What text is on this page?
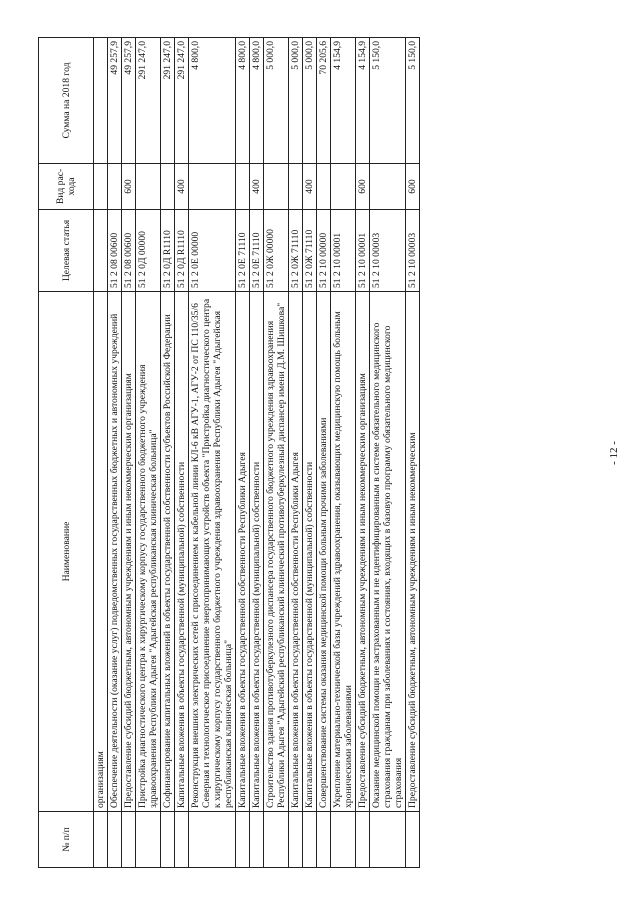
- 12 -
№ п/п	Наименование	Целевая статья	Вид рас-хода	Сумма на 2018 год
	организациям			
	Обеспечение деятельности (оказание услуг) подведомственных государственных бюджетных и автономных учреждений	51 2 08 00600		49 257,9
	Предоставление субсидий бюджетным, автономным учреждениям и иным некоммерческим организациям	51 2 08 00600	600	49 257,9
	Пристройка диагностического центра к хирургическому корпусу государственного бюджетного учреждения здравоохранения Республики Адыгея "Адыгейская республиканская клиническая больница"	51 2 0Д 00000		291 247,0
	Софинансирование капитальных вложений в объекты государственной собственности субъектов Российской Федерации	51 2 0Д R1110		291 247,0
	Капитальные вложения в объекты государственной (муниципальной) собственности	51 2 0Д R1110	400	291 247,0
	Реконструкция внешних электрических сетей с присоединением к кабельной линии КЛ-6 кВ АГУ-1, АГУ-2 от ПС 110/35/6 Северная и технологическое присоединение энергопринимающих устройств объекта "Пристройка диагностического центра к хирургическому корпусу государственного бюджетного учреждения здравоохранения Республики Адыгея "Адыгейская республиканская клиническая больница"	51 2 0Е 00000		4 800,0
	Капитальные вложения в объекты государственной собственности Республики Адыгея	51 2 0Е 71110		4 800,0
	Капитальные вложения в объекты государственной (муниципальной) собственности	51 2 0Е 71110	400	4 800,0
	Строительство здания противотуберкулезного диспансера государственного бюджетного учреждения здравоохранения Республики Адыгея "Адыгейский республиканский клинический противотуберкулезный диспансер имени Д.М. Шишкова"	51 2 0Ж 00000		5 000,0
	Капитальные вложения в объекты государственной собственности Республики Адыгея	51 2 0Ж 71110		5 000,0
	Капитальные вложения в объекты государственной (муниципальной) собственности	51 2 0Ж 71110	400	5 000,0
	Совершенствование системы оказания медицинской помощи больным прочими заболеваниями	51 2 10 00000		70 205,6
	Укрепление материально-технической базы учреждений здравоохранения, оказывающих медицинскую помощь больным хроническими заболеваниями	51 2 10 00001		4 154,9
	Предоставление субсидий бюджетным, автономным учреждениям и иным некоммерческим организациям	51 2 10 00001	600	4 154,9
	Оказание медицинской помощи не застрахованным и не идентифицированным в системе обязательного медицинского страхования гражданам при заболеваниях и состояниях, входящих в базовую программу обязательного медицинского страхования	51 2 10 00003		5 150,0
	Предоставление субсидий бюджетным, автономным учреждениям и иным некоммерческим	51 2 10 00003	600	5 150,0
